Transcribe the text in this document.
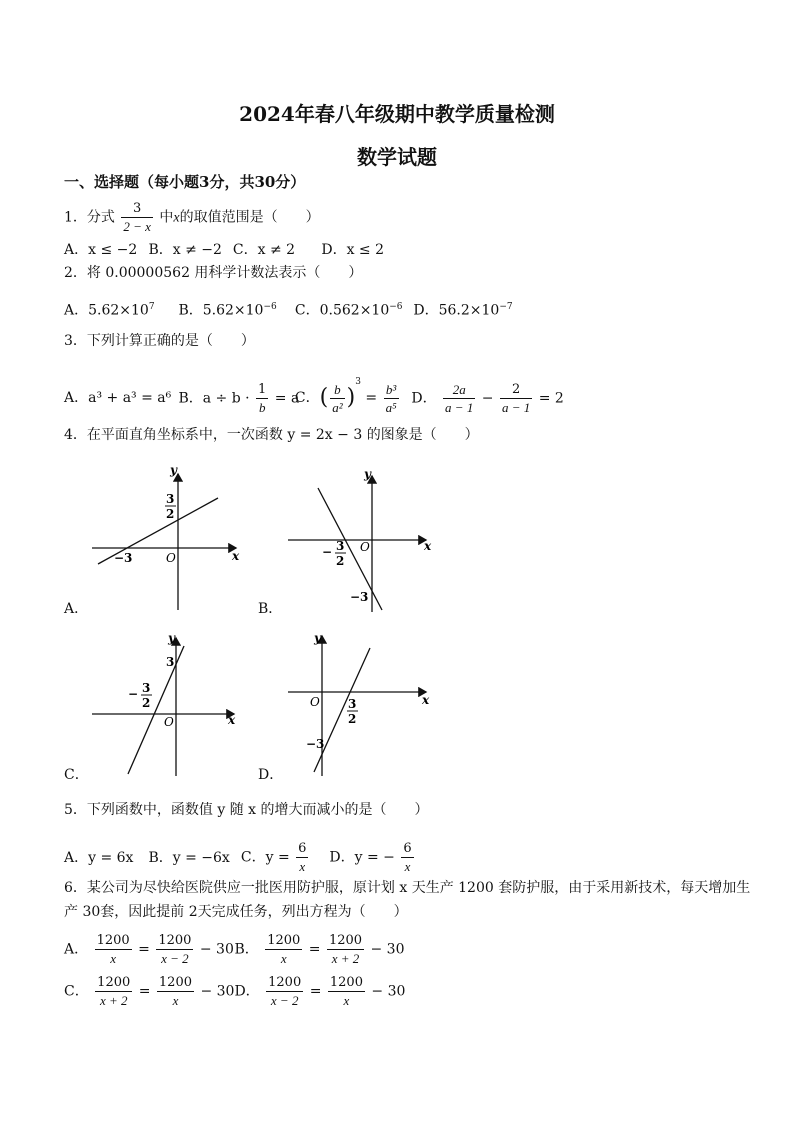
2024年春八年级期中教学质量检测
数学试题
一、选择题（每小题3分，共30分）
1．分式 $\frac{3}{2 - x}$ 中x的取值范围是（　　）
A．x ≤ −2 B．x ≠ −2 C．x ≠ 2 D．x ≤ 2
2．将 0.00000562 用科学计数法表示（　　）
A．$5.62\times 10^7$ B．$5.62\times 10^{-6}$ C．$0.562\times 10^{-6}$ D．$56.2\times 10^{-7}$
3．下列计算正确的是（　　）
A．a³ + a³ = a⁶ B．$a \div b \cdot \frac{1}{b} = a$ C．( $\frac{b}{\text{a²}} )^3 = \frac{\text{b³}}{\text{a⁵}}$ D． $\frac{2a}{a - 1} - \frac{2}{a - 1} = 2$
4．在平面直角坐标系中，一次函数 y = 2x − 3 的图象是（　　）
y
x
O
3
2
−3
A．
y
x
O
− 3
2
−3
B．
y
x
O
3
− 3
2
C．
y
x
O 3
2
−3
D．
5．下列函数中，函数值 y 随 x 的增大而减小的是（　　）
A．y = 6x B．y = −6x C．$y = \frac{6}{x}$ D．y = − $\frac{6}{x}$
6．某公司为尽快给医院供应一批医用防护服，原计划 x 天生产 1200 套防护服，由于采用新技术，每天增加生
产 30套，因此提前 2天完成任务，列出方程为（　　）
A． $\frac{1200}{x} = \frac{1200}{x - 2} - 30$ B． $\frac{1200}{x} = \frac{1200}{x + 2} - 30$
C． $\frac{1200}{x + 2} = \frac{1200}{x} - 30$ D． $\frac{1200}{x - 2} = \frac{1200}{x} - 30$
